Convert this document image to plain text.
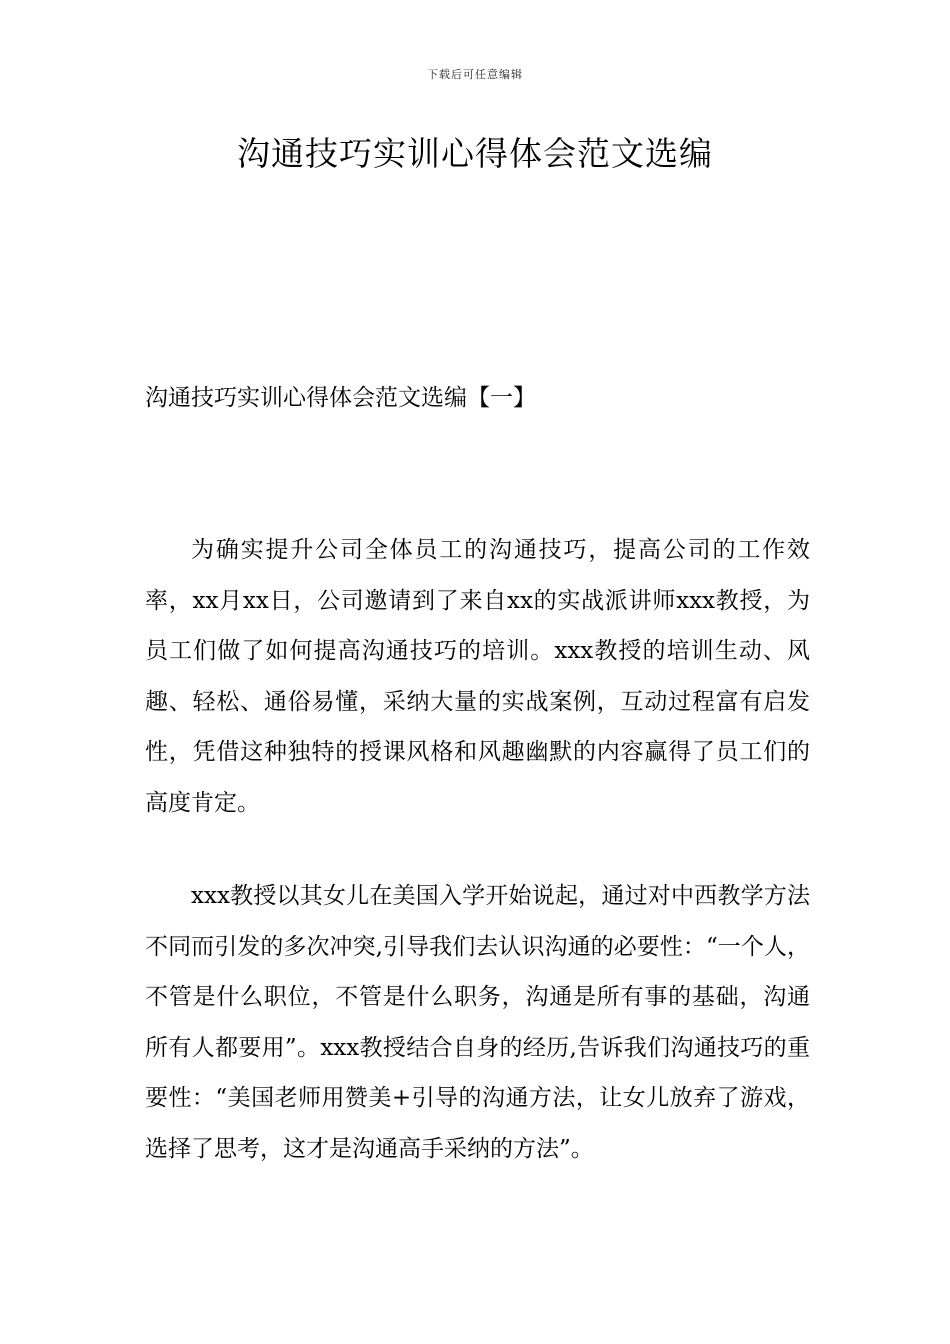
下载后可任意编辑
沟通技巧实训心得体会范文选编
沟通技巧实训心得体会范文选编【一】

为确实提升公司全体员工的沟通技巧，提高公司的工作效率，xx月xx日，公司邀请到了来自xx的实战派讲师xxx教授，为员工们做了如何提高沟通技巧的培训。xxx教授的培训生动、风趣、轻松、通俗易懂，采纳大量的实战案例，互动过程富有启发性，凭借这种独特的授课风格和风趣幽默的内容赢得了员工们的高度肯定。

xxx教授以其女儿在美国入学开始说起，通过对中西教学方法不同而引发的多次冲突,引导我们去认识沟通的必要性：“一个人，不管是什么职位，不管是什么职务，沟通是所有事的基础，沟通所有人都要用”。xxx教授结合自身的经历,告诉我们沟通技巧的重要性：“美国老师用赞美+引导的沟通方法，让女儿放弃了游戏，选择了思考，这才是沟通高手采纳的方法”。
